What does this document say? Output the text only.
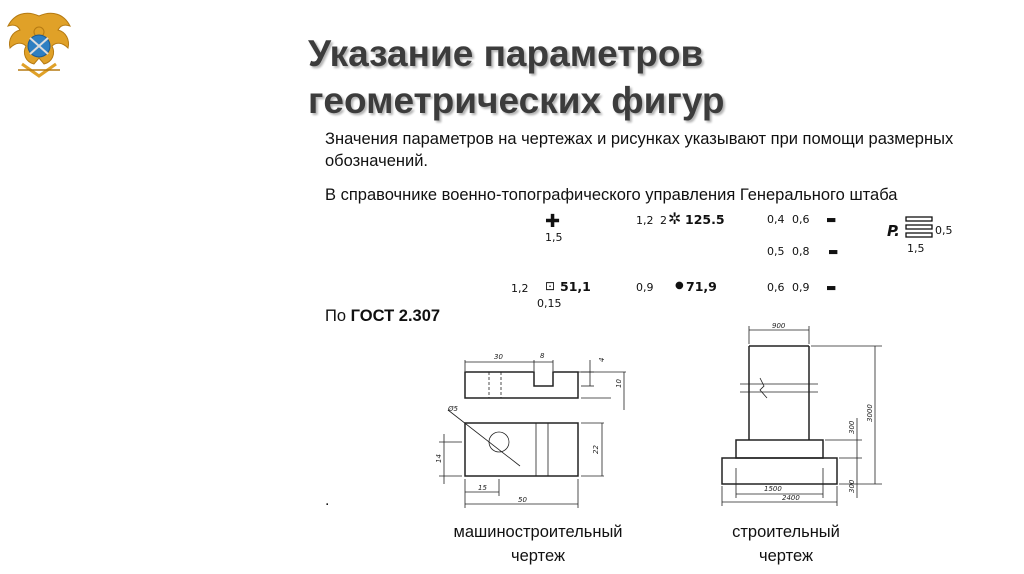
Указание параметров геометрических фигур

Значения параметров на чертежах и рисунках указывают при помощи размерных обозначений.

В справочнике военно-топографического управления Генерального штаба

По ГОСТ 2.307

✚
1,5
1,2 2 ✲ 125.5	0,4 0,6 ▬
0,5 0,8 ▬
0,6 0,9 ▬
P.	0,5
1,5
1,2 ⊡ 51,1
0,15
0,9 ● 71,9
30	8	4
10
Ø5
14
22
15
50
900
3000
300
300
1500
2400
.
машиностроительный чертеж
строительный чертеж
